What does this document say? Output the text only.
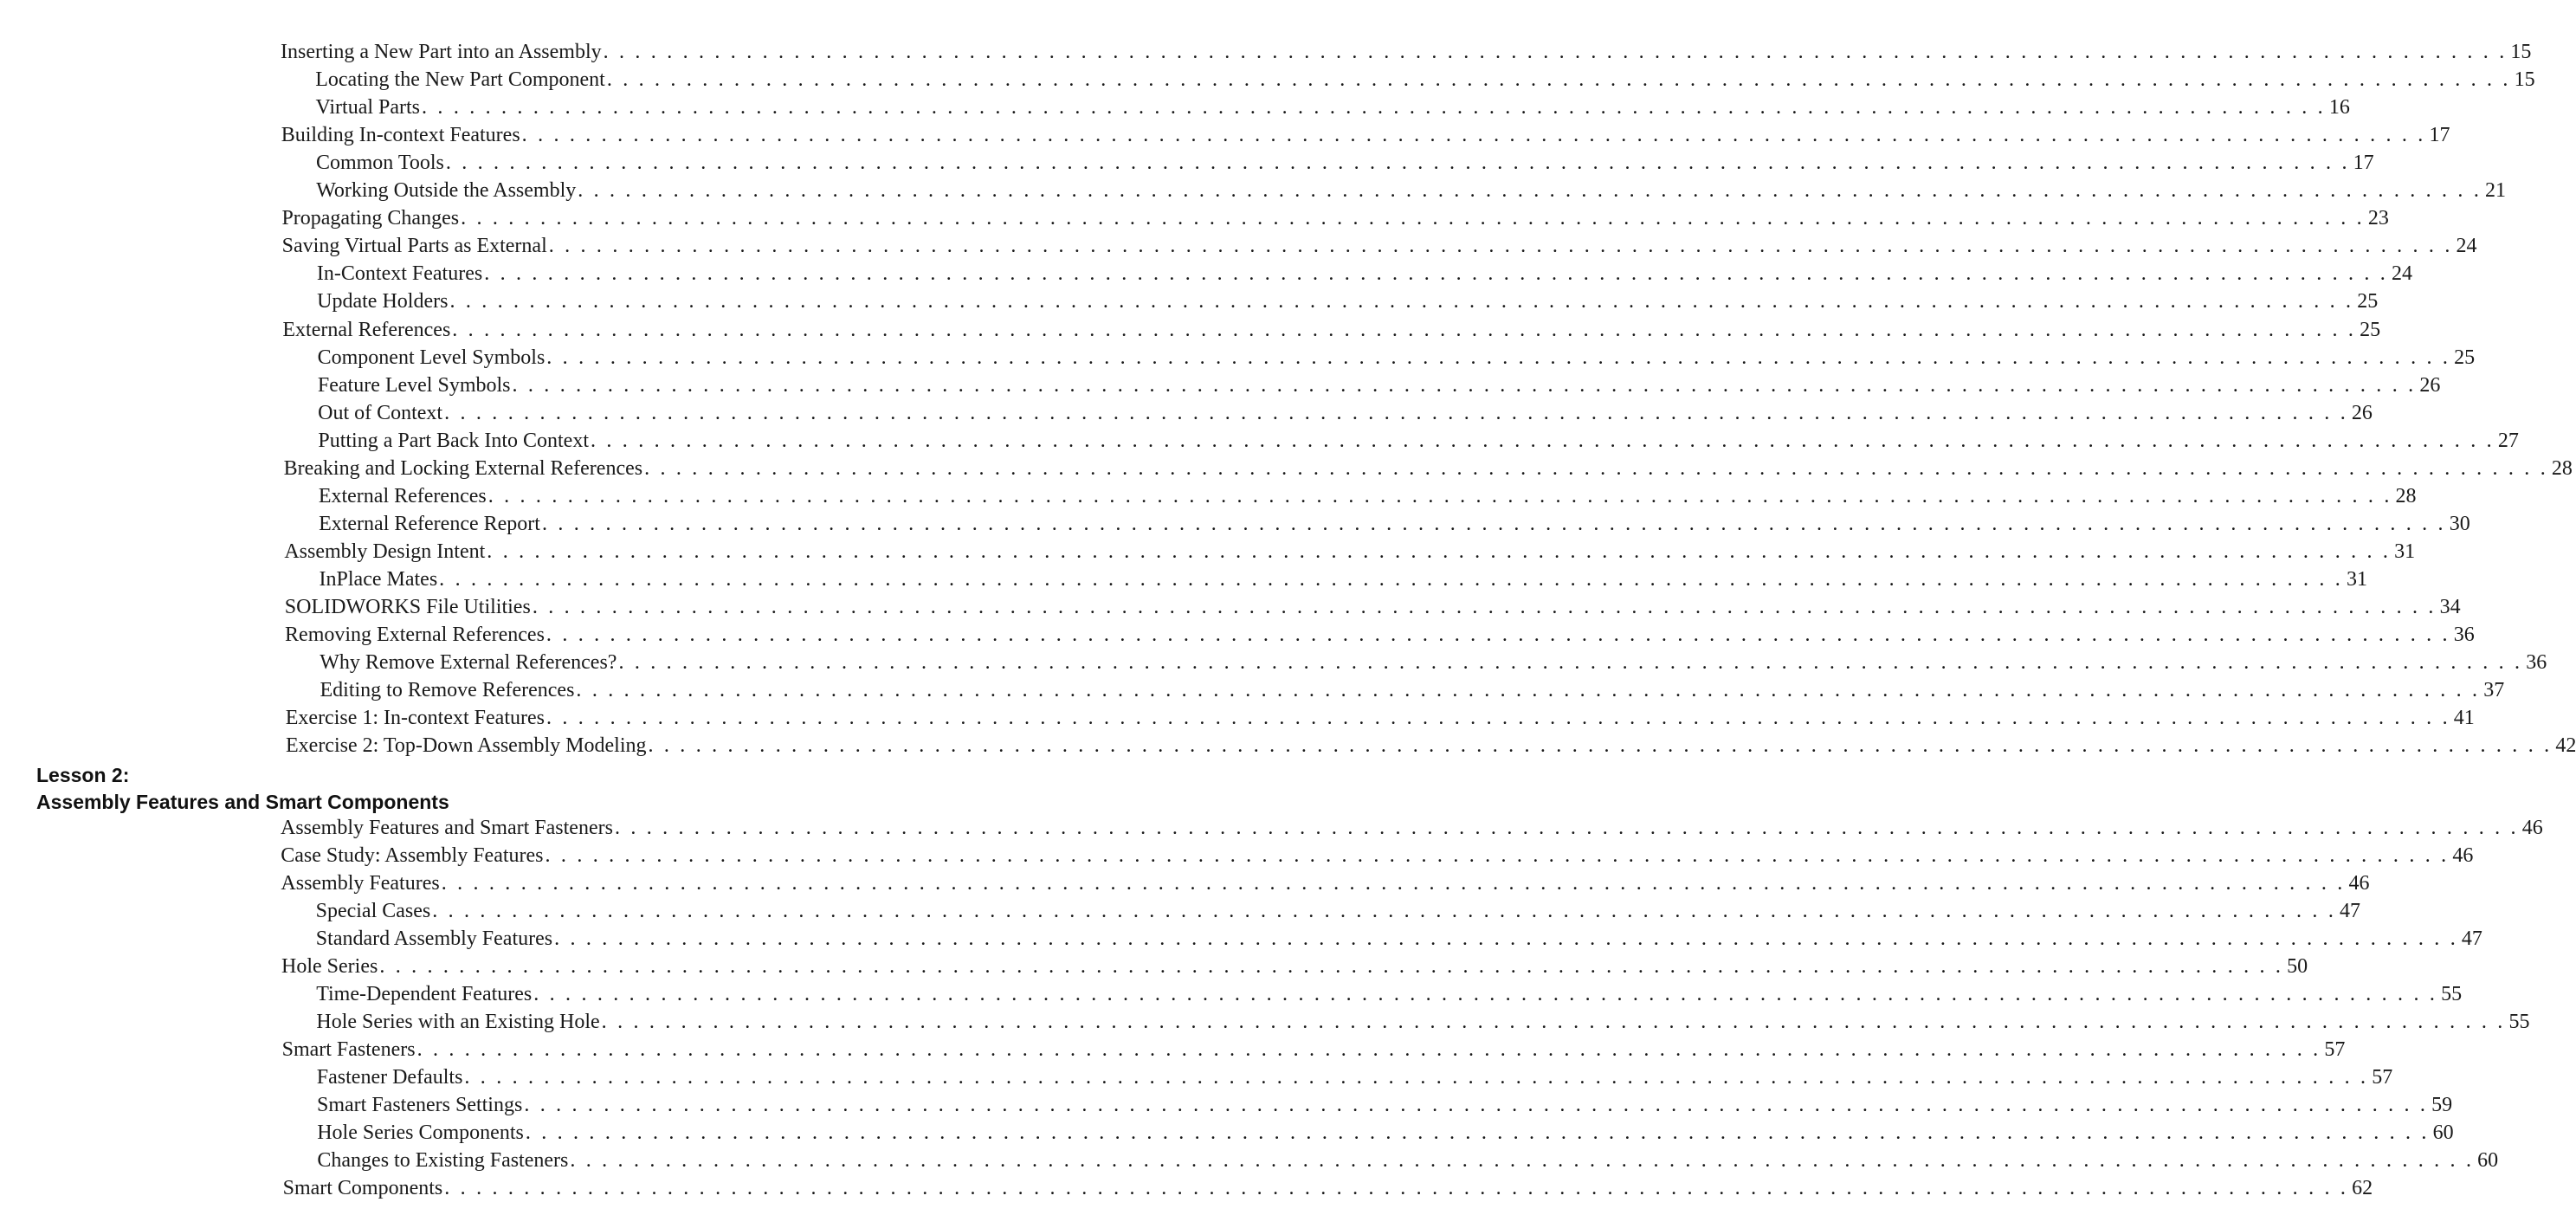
Inserting a New Part into an Assembly . . . . . . . . . . . . . . . . . . . . . . . . . . . . . . . . . . . . . . . . . . . . . . . . . . . . . . . . . . . . . . . . . . . . . . . . . . . . . . . . . . . . . . . . . . . . . . . . . . . . . . . . . . . . . . . . . . . . . . . . 15
Locating the New Part Component . . . . . . . . . . . . . . . . . . . . . . . . . . . . . . . . . . . . . . . . . . . . . . . . . . . . . . . . . . . . . . . . . . . . . . . . . . . . . . . . . . . . . . . . . . . . . . . . . . . . . . . . . . . . . . . . . . . . . . . . 15
Virtual Parts . . . . . . . . . . . . . . . . . . . . . . . . . . . . . . . . . . . . . . . . . . . . . . . . . . . . . . . . . . . . . . . . . . . . . . . . . . . . . . . . . . . . . . . . . . . . . . . . . . . . . . . . . . . . . . . . . . . . . . . . 16
Building In-context Features . . . . . . . . . . . . . . . . . . . . . . . . . . . . . . . . . . . . . . . . . . . . . . . . . . . . . . . . . . . . . . . . . . . . . . . . . . . . . . . . . . . . . . . . . . . . . . . . . . . . . . . . . . . . . . . . . . . . . . . . 17
Common Tools . . . . . . . . . . . . . . . . . . . . . . . . . . . . . . . . . . . . . . . . . . . . . . . . . . . . . . . . . . . . . . . . . . . . . . . . . . . . . . . . . . . . . . . . . . . . . . . . . . . . . . . . . . . . . . . . . . . . . . . . 17
Working Outside the Assembly . . . . . . . . . . . . . . . . . . . . . . . . . . . . . . . . . . . . . . . . . . . . . . . . . . . . . . . . . . . . . . . . . . . . . . . . . . . . . . . . . . . . . . . . . . . . . . . . . . . . . . . . . . . . . . . . . . . . . . . . 21
Propagating Changes . . . . . . . . . . . . . . . . . . . . . . . . . . . . . . . . . . . . . . . . . . . . . . . . . . . . . . . . . . . . . . . . . . . . . . . . . . . . . . . . . . . . . . . . . . . . . . . . . . . . . . . . . . . . . . . . . . . . . . . . 23
Saving Virtual Parts as External . . . . . . . . . . . . . . . . . . . . . . . . . . . . . . . . . . . . . . . . . . . . . . . . . . . . . . . . . . . . . . . . . . . . . . . . . . . . . . . . . . . . . . . . . . . . . . . . . . . . . . . . . . . . . . . . . . . . . . . . 24
In-Context Features . . . . . . . . . . . . . . . . . . . . . . . . . . . . . . . . . . . . . . . . . . . . . . . . . . . . . . . . . . . . . . . . . . . . . . . . . . . . . . . . . . . . . . . . . . . . . . . . . . . . . . . . . . . . . . . . . . . . . . . . 24
Update Holders . . . . . . . . . . . . . . . . . . . . . . . . . . . . . . . . . . . . . . . . . . . . . . . . . . . . . . . . . . . . . . . . . . . . . . . . . . . . . . . . . . . . . . . . . . . . . . . . . . . . . . . . . . . . . . . . . . . . . . . . 25
External References . . . . . . . . . . . . . . . . . . . . . . . . . . . . . . . . . . . . . . . . . . . . . . . . . . . . . . . . . . . . . . . . . . . . . . . . . . . . . . . . . . . . . . . . . . . . . . . . . . . . . . . . . . . . . . . . . . . . . . . . 25
Component Level Symbols . . . . . . . . . . . . . . . . . . . . . . . . . . . . . . . . . . . . . . . . . . . . . . . . . . . . . . . . . . . . . . . . . . . . . . . . . . . . . . . . . . . . . . . . . . . . . . . . . . . . . . . . . . . . . . . . . . . . . . . . 25
Feature Level Symbols . . . . . . . . . . . . . . . . . . . . . . . . . . . . . . . . . . . . . . . . . . . . . . . . . . . . . . . . . . . . . . . . . . . . . . . . . . . . . . . . . . . . . . . . . . . . . . . . . . . . . . . . . . . . . . . . . . . . . . . . 26
Out of Context . . . . . . . . . . . . . . . . . . . . . . . . . . . . . . . . . . . . . . . . . . . . . . . . . . . . . . . . . . . . . . . . . . . . . . . . . . . . . . . . . . . . . . . . . . . . . . . . . . . . . . . . . . . . . . . . . . . . . . . . 26
Putting a Part Back Into Context . . . . . . . . . . . . . . . . . . . . . . . . . . . . . . . . . . . . . . . . . . . . . . . . . . . . . . . . . . . . . . . . . . . . . . . . . . . . . . . . . . . . . . . . . . . . . . . . . . . . . . . . . . . . . . . . . . . . . . . . 27
Breaking and Locking External References . . . . . . . . . . . . . . . . . . . . . . . . . . . . . . . . . . . . . . . . . . . . . . . . . . . . . . . . . . . . . . . . . . . . . . . . . . . . . . . . . . . . . . . . . . . . . . . . . . . . . . . . . . . . . . . . . . . . . . . . 28
External References . . . . . . . . . . . . . . . . . . . . . . . . . . . . . . . . . . . . . . . . . . . . . . . . . . . . . . . . . . . . . . . . . . . . . . . . . . . . . . . . . . . . . . . . . . . . . . . . . . . . . . . . . . . . . . . . . . . . . . . . 28
External Reference Report . . . . . . . . . . . . . . . . . . . . . . . . . . . . . . . . . . . . . . . . . . . . . . . . . . . . . . . . . . . . . . . . . . . . . . . . . . . . . . . . . . . . . . . . . . . . . . . . . . . . . . . . . . . . . . . . . . . . . . . . 30
Assembly Design Intent . . . . . . . . . . . . . . . . . . . . . . . . . . . . . . . . . . . . . . . . . . . . . . . . . . . . . . . . . . . . . . . . . . . . . . . . . . . . . . . . . . . . . . . . . . . . . . . . . . . . . . . . . . . . . . . . . . . . . . . . 31
InPlace Mates . . . . . . . . . . . . . . . . . . . . . . . . . . . . . . . . . . . . . . . . . . . . . . . . . . . . . . . . . . . . . . . . . . . . . . . . . . . . . . . . . . . . . . . . . . . . . . . . . . . . . . . . . . . . . . . . . . . . . . . . 31
SOLIDWORKS File Utilities . . . . . . . . . . . . . . . . . . . . . . . . . . . . . . . . . . . . . . . . . . . . . . . . . . . . . . . . . . . . . . . . . . . . . . . . . . . . . . . . . . . . . . . . . . . . . . . . . . . . . . . . . . . . . . . . . . . . . . . . 34
Removing External References . . . . . . . . . . . . . . . . . . . . . . . . . . . . . . . . . . . . . . . . . . . . . . . . . . . . . . . . . . . . . . . . . . . . . . . . . . . . . . . . . . . . . . . . . . . . . . . . . . . . . . . . . . . . . . . . . . . . . . . . 36
Why Remove External References? . . . . . . . . . . . . . . . . . . . . . . . . . . . . . . . . . . . . . . . . . . . . . . . . . . . . . . . . . . . . . . . . . . . . . . . . . . . . . . . . . . . . . . . . . . . . . . . . . . . . . . . . . . . . . . . . . . . . . . . . 36
Editing to Remove References . . . . . . . . . . . . . . . . . . . . . . . . . . . . . . . . . . . . . . . . . . . . . . . . . . . . . . . . . . . . . . . . . . . . . . . . . . . . . . . . . . . . . . . . . . . . . . . . . . . . . . . . . . . . . . . . . . . . . . . . 37
Exercise 1: In-context Features . . . . . . . . . . . . . . . . . . . . . . . . . . . . . . . . . . . . . . . . . . . . . . . . . . . . . . . . . . . . . . . . . . . . . . . . . . . . . . . . . . . . . . . . . . . . . . . . . . . . . . . . . . . . . . . . . . . . . . . . 41
Exercise 2: Top-Down Assembly Modeling . . . . . . . . . . . . . . . . . . . . . . . . . . . . . . . . . . . . . . . . . . . . . . . . . . . . . . . . . . . . . . . . . . . . . . . . . . . . . . . . . . . . . . . . . . . . . . . . . . . . . . . . . . . . . . . . . . . . . . . . 42
Lesson 2:
Assembly Features and Smart Components
Assembly Features and Smart Fasteners . . . . . . . . . . . . . . . . . . . . . . . . . . . . . . . . . . . . . . . . . . . . . . . . . . . . . . . . . . . . . . . . . . . . . . . . . . . . . . . . . . . . . . . . . . . . . . . . . . . . . . . . . . . . . . . . . . . . . . . . 46
Case Study: Assembly Features . . . . . . . . . . . . . . . . . . . . . . . . . . . . . . . . . . . . . . . . . . . . . . . . . . . . . . . . . . . . . . . . . . . . . . . . . . . . . . . . . . . . . . . . . . . . . . . . . . . . . . . . . . . . . . . . . . . . . . . . 46
Assembly Features . . . . . . . . . . . . . . . . . . . . . . . . . . . . . . . . . . . . . . . . . . . . . . . . . . . . . . . . . . . . . . . . . . . . . . . . . . . . . . . . . . . . . . . . . . . . . . . . . . . . . . . . . . . . . . . . . . . . . . . . 46
Special Cases . . . . . . . . . . . . . . . . . . . . . . . . . . . . . . . . . . . . . . . . . . . . . . . . . . . . . . . . . . . . . . . . . . . . . . . . . . . . . . . . . . . . . . . . . . . . . . . . . . . . . . . . . . . . . . . . . . . . . . . . 47
Standard Assembly Features . . . . . . . . . . . . . . . . . . . . . . . . . . . . . . . . . . . . . . . . . . . . . . . . . . . . . . . . . . . . . . . . . . . . . . . . . . . . . . . . . . . . . . . . . . . . . . . . . . . . . . . . . . . . . . . . . . . . . . . . 47
Hole Series . . . . . . . . . . . . . . . . . . . . . . . . . . . . . . . . . . . . . . . . . . . . . . . . . . . . . . . . . . . . . . . . . . . . . . . . . . . . . . . . . . . . . . . . . . . . . . . . . . . . . . . . . . . . . . . . . . . . . . . . 50
Time-Dependent Features . . . . . . . . . . . . . . . . . . . . . . . . . . . . . . . . . . . . . . . . . . . . . . . . . . . . . . . . . . . . . . . . . . . . . . . . . . . . . . . . . . . . . . . . . . . . . . . . . . . . . . . . . . . . . . . . . . . . . . . . 55
Hole Series with an Existing Hole . . . . . . . . . . . . . . . . . . . . . . . . . . . . . . . . . . . . . . . . . . . . . . . . . . . . . . . . . . . . . . . . . . . . . . . . . . . . . . . . . . . . . . . . . . . . . . . . . . . . . . . . . . . . . . . . . . . . . . . . 55
Smart Fasteners . . . . . . . . . . . . . . . . . . . . . . . . . . . . . . . . . . . . . . . . . . . . . . . . . . . . . . . . . . . . . . . . . . . . . . . . . . . . . . . . . . . . . . . . . . . . . . . . . . . . . . . . . . . . . . . . . . . . . . . . 57
Fastener Defaults . . . . . . . . . . . . . . . . . . . . . . . . . . . . . . . . . . . . . . . . . . . . . . . . . . . . . . . . . . . . . . . . . . . . . . . . . . . . . . . . . . . . . . . . . . . . . . . . . . . . . . . . . . . . . . . . . . . . . . . . 57
Smart Fasteners Settings . . . . . . . . . . . . . . . . . . . . . . . . . . . . . . . . . . . . . . . . . . . . . . . . . . . . . . . . . . . . . . . . . . . . . . . . . . . . . . . . . . . . . . . . . . . . . . . . . . . . . . . . . . . . . . . . . . . . . . . . 59
Hole Series Components . . . . . . . . . . . . . . . . . . . . . . . . . . . . . . . . . . . . . . . . . . . . . . . . . . . . . . . . . . . . . . . . . . . . . . . . . . . . . . . . . . . . . . . . . . . . . . . . . . . . . . . . . . . . . . . . . . . . . . . . 60
Changes to Existing Fasteners . . . . . . . . . . . . . . . . . . . . . . . . . . . . . . . . . . . . . . . . . . . . . . . . . . . . . . . . . . . . . . . . . . . . . . . . . . . . . . . . . . . . . . . . . . . . . . . . . . . . . . . . . . . . . . . . . . . . . . . . 60
Smart Components . . . . . . . . . . . . . . . . . . . . . . . . . . . . . . . . . . . . . . . . . . . . . . . . . . . . . . . . . . . . . . . . . . . . . . . . . . . . . . . . . . . . . . . . . . . . . . . . . . . . . . . . . . . . . . . . . . . . . . . . 62
